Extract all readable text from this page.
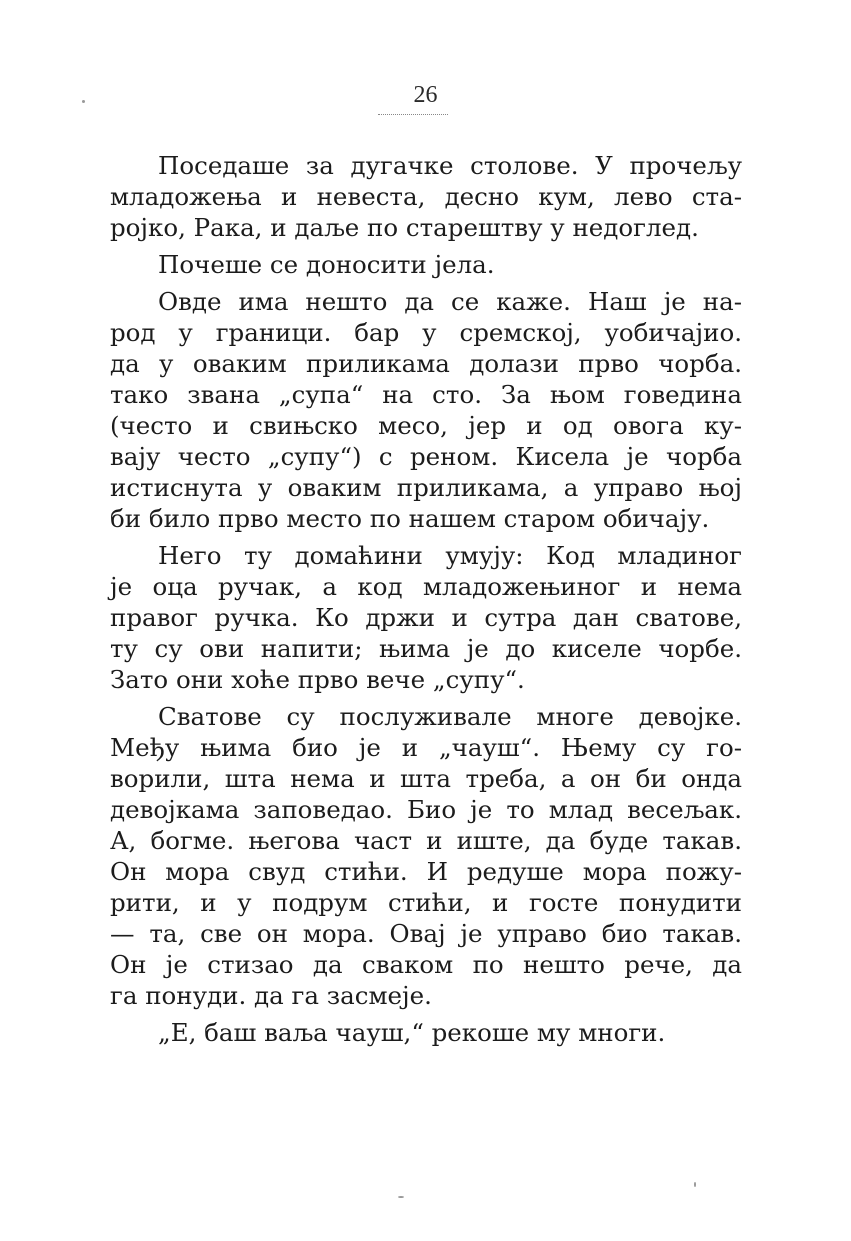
26
Поседаше за дугачке столове. У прочељу
младожења и невеста, десно кум, лево ста-
ројко, Рака, и даље по старештву у недоглед.
Почеше се доносити јела.
Овде има нешто да се каже. Наш је на-
род у граници. бар у сремској, уобичајио.
да у оваким приликама долази прво чорба.
тако звана „супа“ на сто. За њом говедина
(често и свињско месо, јер и од овога ку-
вају често „супу“) с реном. Кисела је чорба
истиснута у оваким приликама, а управо њој
би било прво место по нашем старом обичају.
Него ту домаћини умују: Код младиног
је оца ручак, а код младожењиног и нема
правог ручка. Ко држи и сутра дан сватове,
ту су ови напити; њима је до киселе чорбе.
Зато они хоће прво вече „супу“.
Сватове су послуживале многе девојке.
Међу њима био је и „чауш“. Њему су го-
ворили, шта нема и шта треба, а он би онда
девојкама заповедао. Био је то млад весељак.
А, богме. његова част и иште, да буде такав.
Он мора свуд стићи. И редуше мора пожу-
рити, и у подрум стићи, и госте понудити
— та, све он мора. Овај је управо био такав.
Он је стизао да сваком по нешто рече, да
га понуди. да га засмеје.
„Е, баш ваља чауш,“ рекоше му многи.
